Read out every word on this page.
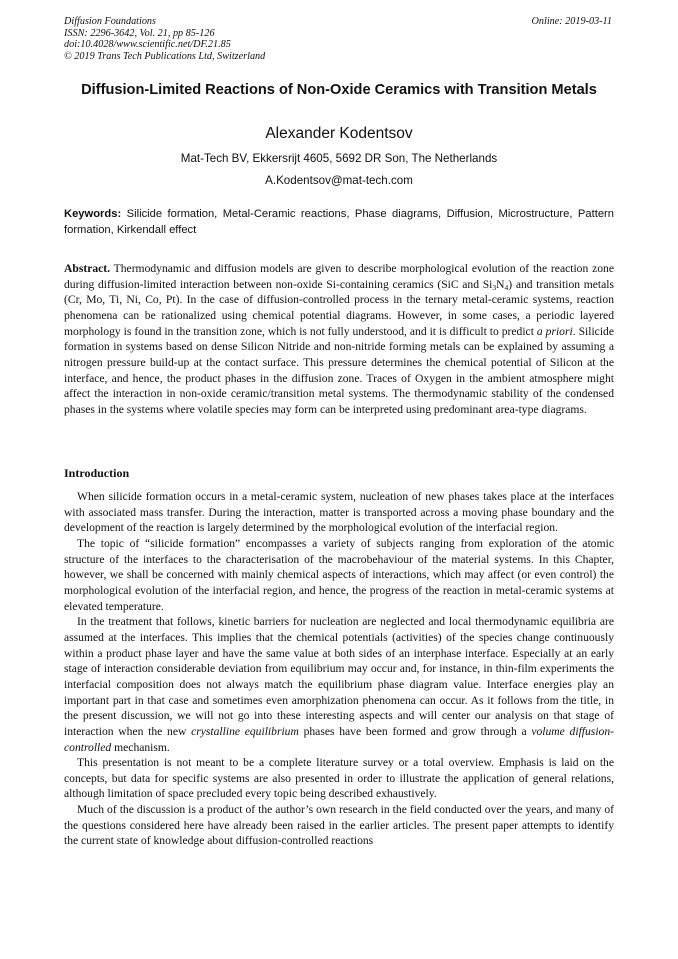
Diffusion Foundations
ISSN: 2296-3642, Vol. 21, pp 85-126
doi:10.4028/www.scientific.net/DF.21.85
© 2019 Trans Tech Publications Ltd, Switzerland
Online: 2019-03-11
Diffusion-Limited Reactions of Non-Oxide Ceramics with Transition Metals
Alexander Kodentsov
Mat-Tech BV, Ekkersrijt 4605, 5692 DR Son, The Netherlands
A.Kodentsov@mat-tech.com
Keywords: Silicide formation, Metal-Ceramic reactions, Phase diagrams, Diffusion, Microstructure, Pattern formation, Kirkendall effect
Abstract. Thermodynamic and diffusion models are given to describe morphological evolution of the reaction zone during diffusion-limited interaction between non-oxide Si-containing ceramics (SiC and $Si_3N_4$) and transition metals (Cr, Mo, Ti, Ni, Co, Pt). In the case of diffusion-controlled process in the ternary metal-ceramic systems, reaction phenomena can be rationalized using chemical potential diagrams. However, in some cases, a periodic layered morphology is found in the transition zone, which is not fully understood, and it is difficult to predict a priori. Silicide formation in systems based on dense Silicon Nitride and non-nitride forming metals can be explained by assuming a nitrogen pressure build-up at the contact surface. This pressure determines the chemical potential of Silicon at the interface, and hence, the product phases in the diffusion zone. Traces of Oxygen in the ambient atmosphere might affect the interaction in non-oxide ceramic/transition metal systems. The thermodynamic stability of the condensed phases in the systems where volatile species may form can be interpreted using predominant area-type diagrams.
Introduction

When silicide formation occurs in a metal-ceramic system, nucleation of new phases takes place at the interfaces with associated mass transfer. During the interaction, matter is transported across a moving phase boundary and the development of the reaction is largely determined by the morphological evolution of the interfacial region.

The topic of “silicide formation” encompasses a variety of subjects ranging from exploration of the atomic structure of the interfaces to the characterisation of the macrobehaviour of the material systems. In this Chapter, however, we shall be concerned with mainly chemical aspects of interactions, which may affect (or even control) the morphological evolution of the interfacial region, and hence, the progress of the reaction in metal-ceramic systems at elevated temperature.

In the treatment that follows, kinetic barriers for nucleation are neglected and local thermodynamic equilibria are assumed at the interfaces. This implies that the chemical potentials (activities) of the species change continuously within a product phase layer and have the same value at both sides of an interphase interface. Especially at an early stage of interaction considerable deviation from equilibrium may occur and, for instance, in thin-film experiments the interfacial composition does not always match the equilibrium phase diagram value. Interface energies play an important part in that case and sometimes even amorphization phenomena can occur. As it follows from the title, in the present discussion, we will not go into these interesting aspects and will center our analysis on that stage of interaction when the new crystalline equilibrium phases have been formed and grow through a volume diffusion-controlled mechanism.

This presentation is not meant to be a complete literature survey or a total overview. Emphasis is laid on the concepts, but data for specific systems are also presented in order to illustrate the application of general relations, although limitation of space precluded every topic being described exhaustively.

Much of the discussion is a product of the author’s own research in the field conducted over the years, and many of the questions considered here have already been raised in the earlier articles. The present paper attempts to identify the current state of knowledge about diffusion-controlled reactions
